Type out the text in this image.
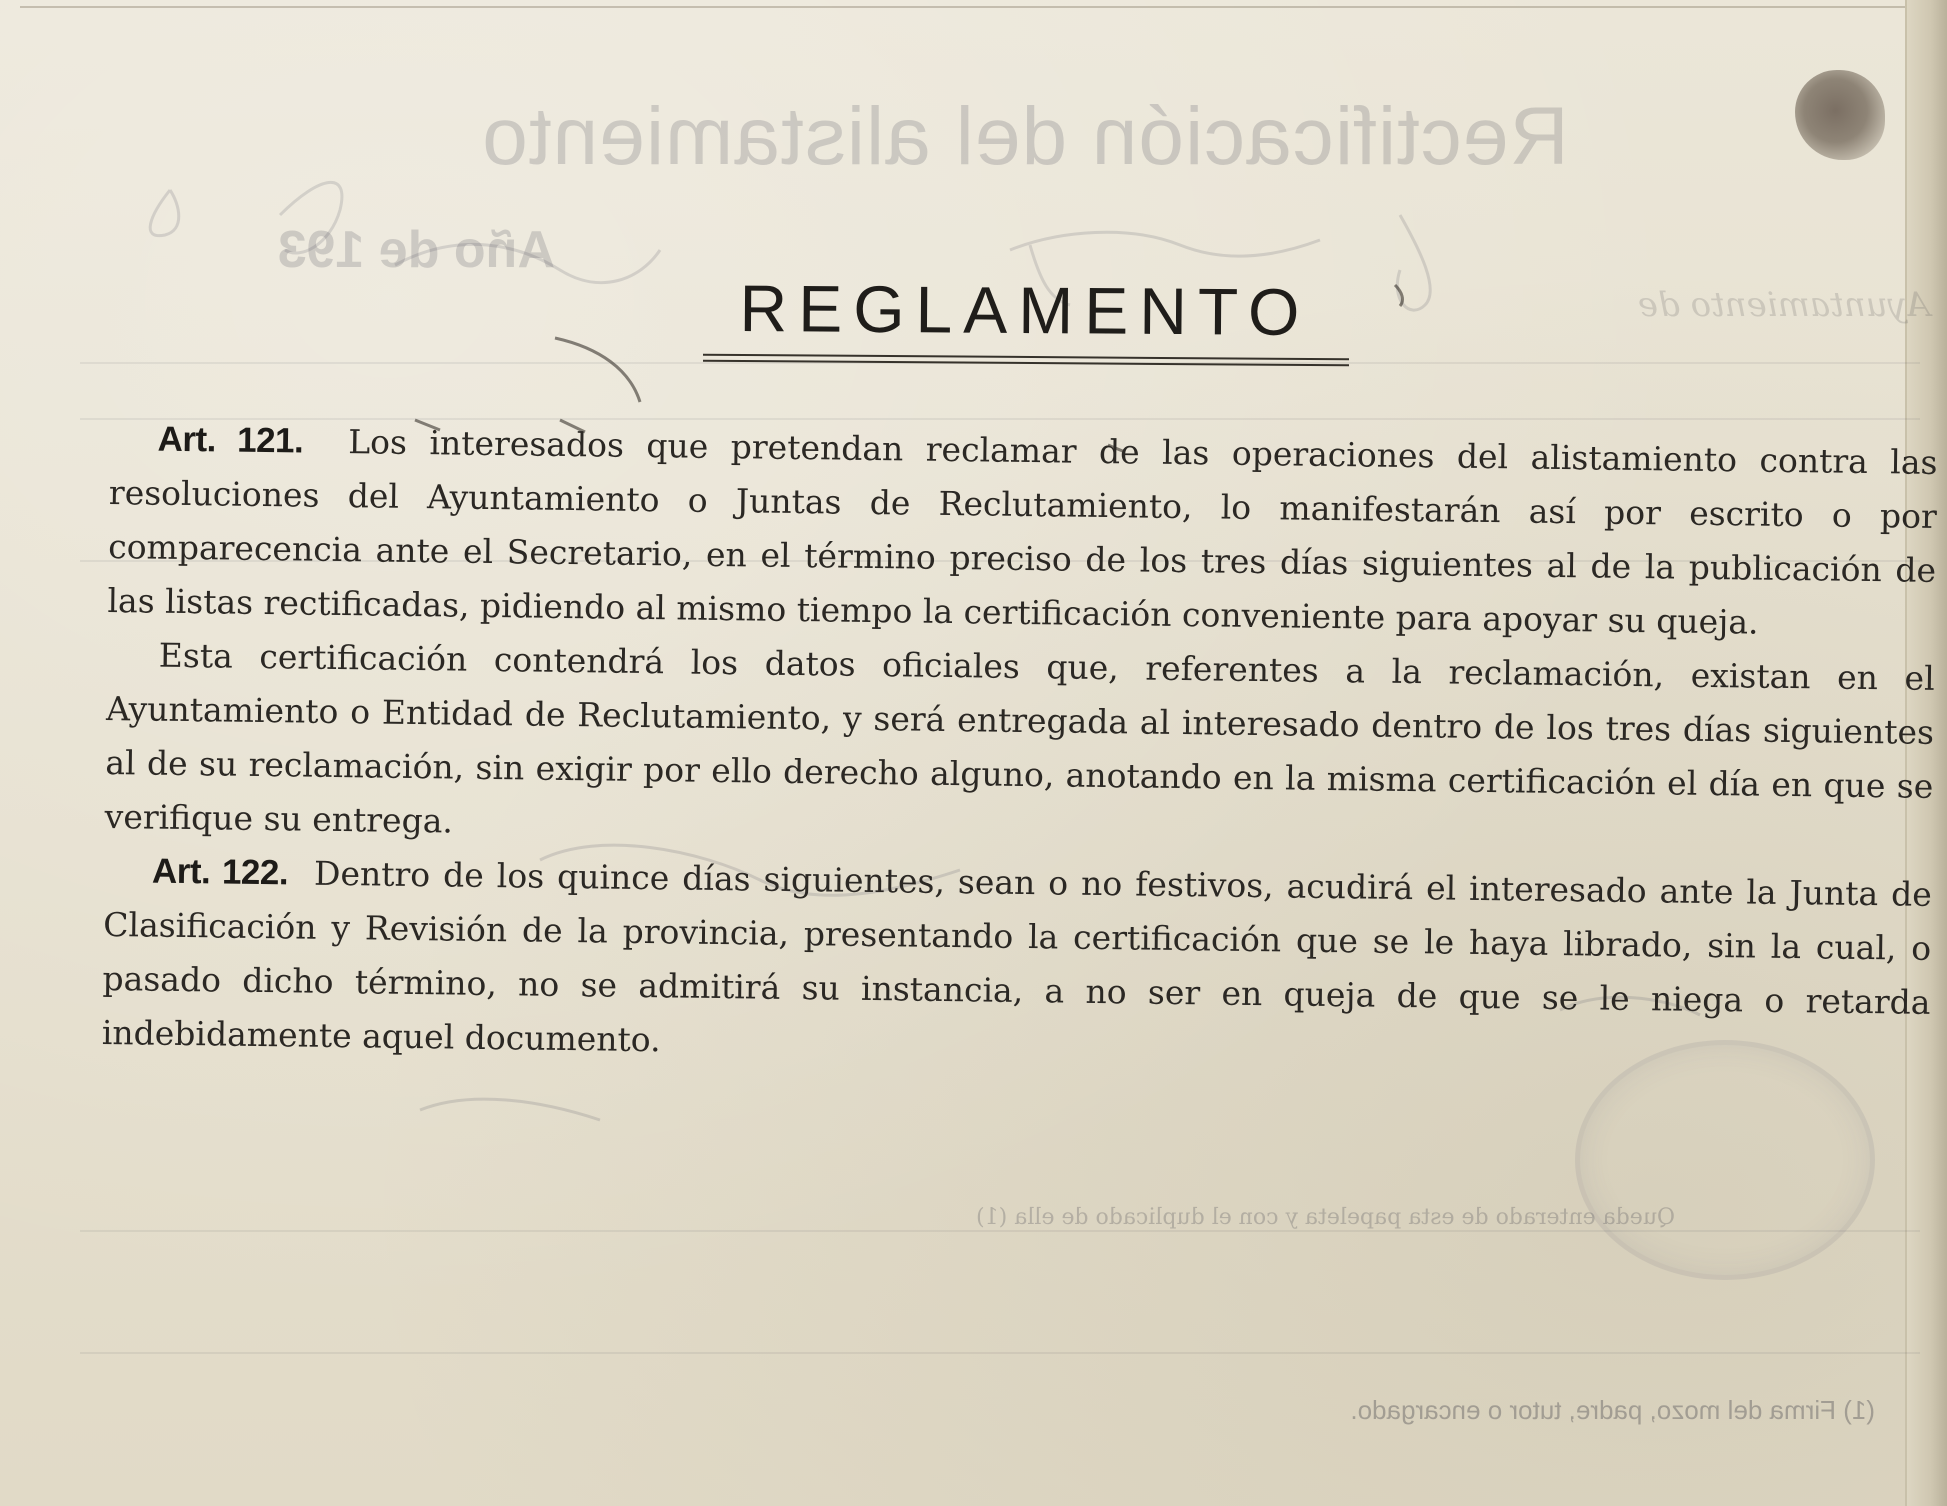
Rectificación del alistamiento
Año de 193
Ayuntamiento de
Queda enterado de esta papeleta y con el duplicado de ella (1)
(1) Firma del mozo, padre, tutor o encargado.
REGLAMENTO

Art. 121. Los interesados que pretendan reclamar de las operaciones del alistamiento contra las resoluciones del Ayuntamiento o Juntas de Reclutamiento, lo manifestarán así por escrito o por comparecencia ante el Secretario, en el término preciso de los tres días siguientes al de la publicación de las listas rectificadas, pidiendo al mismo tiempo la certificación conveniente para apoyar su queja.

Esta certificación contendrá los datos oficiales que, referentes a la reclamación, existan en el Ayuntamiento o Entidad de Reclutamiento, y será entregada al interesado dentro de los tres días siguientes al de su reclamación, sin exigir por ello derecho alguno, anotando en la misma certificación el día en que se verifique su entrega.

Art. 122. Dentro de los quince días siguientes, sean o no festivos, acudirá el interesado ante la Junta de Clasificación y Revisión de la provincia, presentando la certificación que se le haya librado, sin la cual, o pasado dicho término, no se admitirá su instancia, a no ser en queja de que se le niega o retarda indebidamente aquel documento.
